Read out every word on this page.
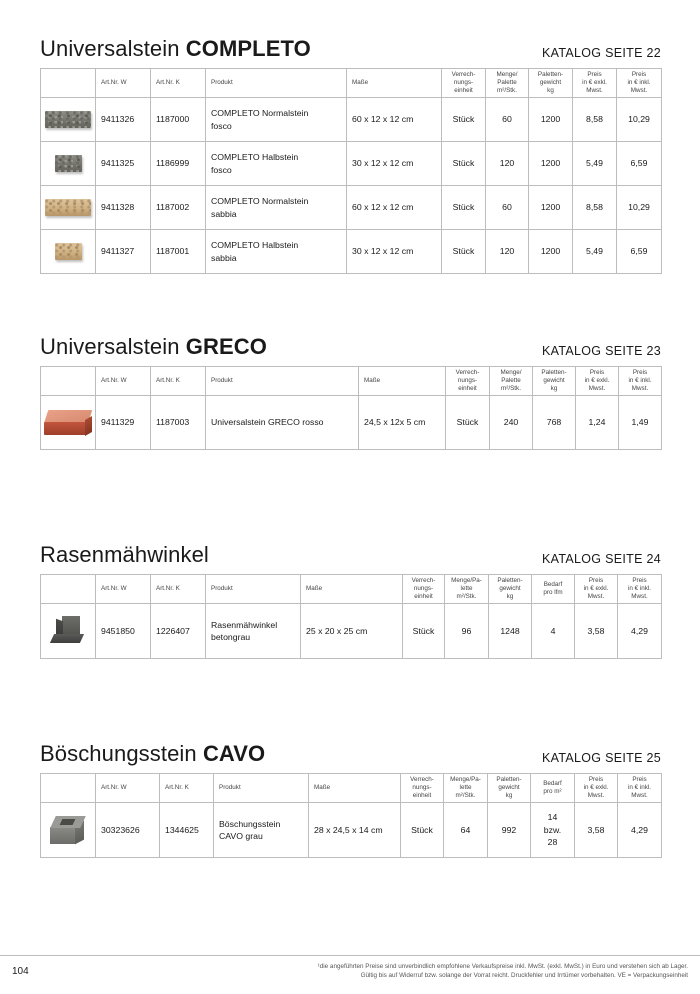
Universalstein COMPLETO	KATALOG SEITE 22
	Art.Nr. W	Art.Nr. K	Produkt	Maße	Verrech-
nungs-
einheit	Menge/
Palette
m²/Stk.	Paletten-
gewicht
kg	Preis
in € exkl.
Mwst.	Preis
in € inkl.
Mwst.
	9411326	1187000	COMPLETO Normalstein
fosco	60 x 12 x 12 cm	Stück	60	1200	8,58	10,29
	9411325	1186999	COMPLETO Halbstein
fosco	30 x 12 x 12 cm	Stück	120	1200	5,49	6,59
	9411328	1187002	COMPLETO Normalstein
sabbia	60 x 12 x 12 cm	Stück	60	1200	8,58	10,29
	9411327	1187001	COMPLETO Halbstein
sabbia	30 x 12 x 12 cm	Stück	120	1200	5,49	6,59
Universalstein GRECO	KATALOG SEITE 23
	Art.Nr. W	Art.Nr. K	Produkt	Maße	Verrech-
nungs-
einheit	Menge/
Palette
m²/Stk.	Paletten-
gewicht
kg	Preis
in € exkl.
Mwst.	Preis
in € inkl.
Mwst.

	9411329	1187003	Universalstein GRECO rosso	24,5 x 12x 5 cm	Stück	240	768	1,24	1,49
Rasenmähwinkel	KATALOG SEITE 24
	Art.Nr. W	Art.Nr. K	Produkt	Maße	Verrech-
nungs-
einheit	Menge/Pa-
lette
m²/Stk.	Paletten-
gewicht
kg	Bedarf
pro lfm	Preis
in € exkl.
Mwst.	Preis
in € inkl.
Mwst.

	9451850	1226407	Rasenmähwinkel
betongrau	25 x 20 x 25 cm	Stück	96	1248	4	3,58	4,29
Böschungsstein CAVO	KATALOG SEITE 25
	Art.Nr. W	Art.Nr. K	Produkt	Maße	Verrech-
nungs-
einheit	Menge/Pa-
lette
m²/Stk.	Paletten-
gewicht
kg	Bedarf
pro m²	Preis
in € exkl.
Mwst.	Preis
in € inkl.
Mwst.

	30323626	1344625	Böschungsstein
CAVO grau	28 x 24,5 x 14 cm	Stück	64	992	14
bzw.
28	3,58	4,29
104	¹die angeführten Preise sind unverbindlich empfohlene Verkaufspreise inkl. MwSt. (exkl. MwSt.) in Euro und verstehen sich ab Lager.
Gültig bis auf Widerruf bzw. solange der Vorrat reicht. Druckfehler und Irrtümer vorbehalten. VE = Verpackungseinheit
